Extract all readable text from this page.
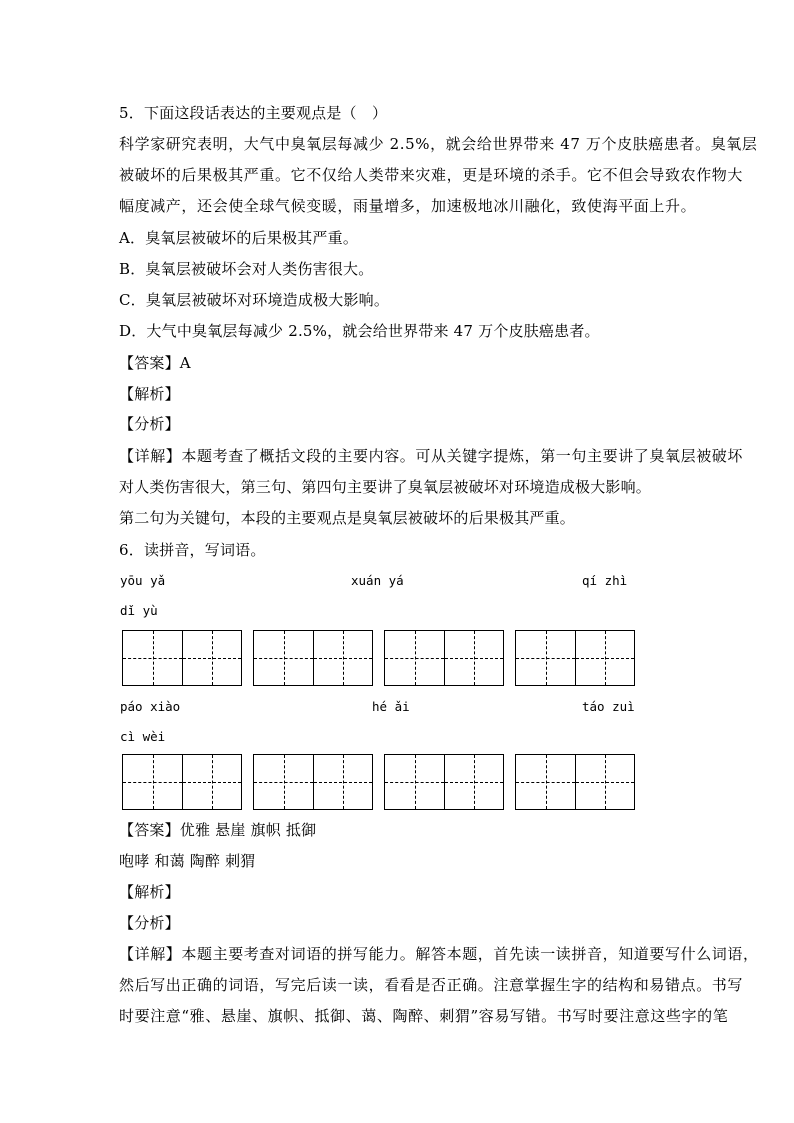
5．下面这段话表达的主要观点是（　）
科学家研究表明，大气中臭氧层每减少 2.5%，就会给世界带来 47 万个皮肤癌患者。臭氧层
被破坏的后果极其严重。它不仅给人类带来灾难，更是环境的杀手。它不但会导致农作物大
幅度减产，还会使全球气候变暖，雨量增多，加速极地冰川融化，致使海平面上升。
A．臭氧层被破坏的后果极其严重。
B．臭氧层被破坏会对人类伤害很大。
C．臭氧层被破坏对环境造成极大影响。
D．大气中臭氧层每减少 2.5%，就会给世界带来 47 万个皮肤癌患者。
【答案】A
【解析】
【分析】
【详解】本题考查了概括文段的主要内容。可从关键字提炼，第一句主要讲了臭氧层被破坏
对人类伤害很大，第三句、第四句主要讲了臭氧层被破坏对环境造成极大影响。
第二句为关键句，本段的主要观点是臭氧层被破坏的后果极其严重。
6．读拼音，写词语。
yōu yǎ	xuán yá	qí zhì
dǐ yù
páo xiào	hé ǎi	táo zuì
cì wèi
【答案】优雅 悬崖 旗帜 抵御
咆哮 和蔼 陶醉 刺猬
【解析】
【分析】
【详解】本题主要考查对词语的拼写能力。解答本题，首先读一读拼音，知道要写什么词语，
然后写出正确的词语，写完后读一读，看看是否正确。注意掌握生字的结构和易错点。书写
时要注意“雅、悬崖、旗帜、抵御、蔼、陶醉、刺猬”容易写错。书写时要注意这些字的笔
